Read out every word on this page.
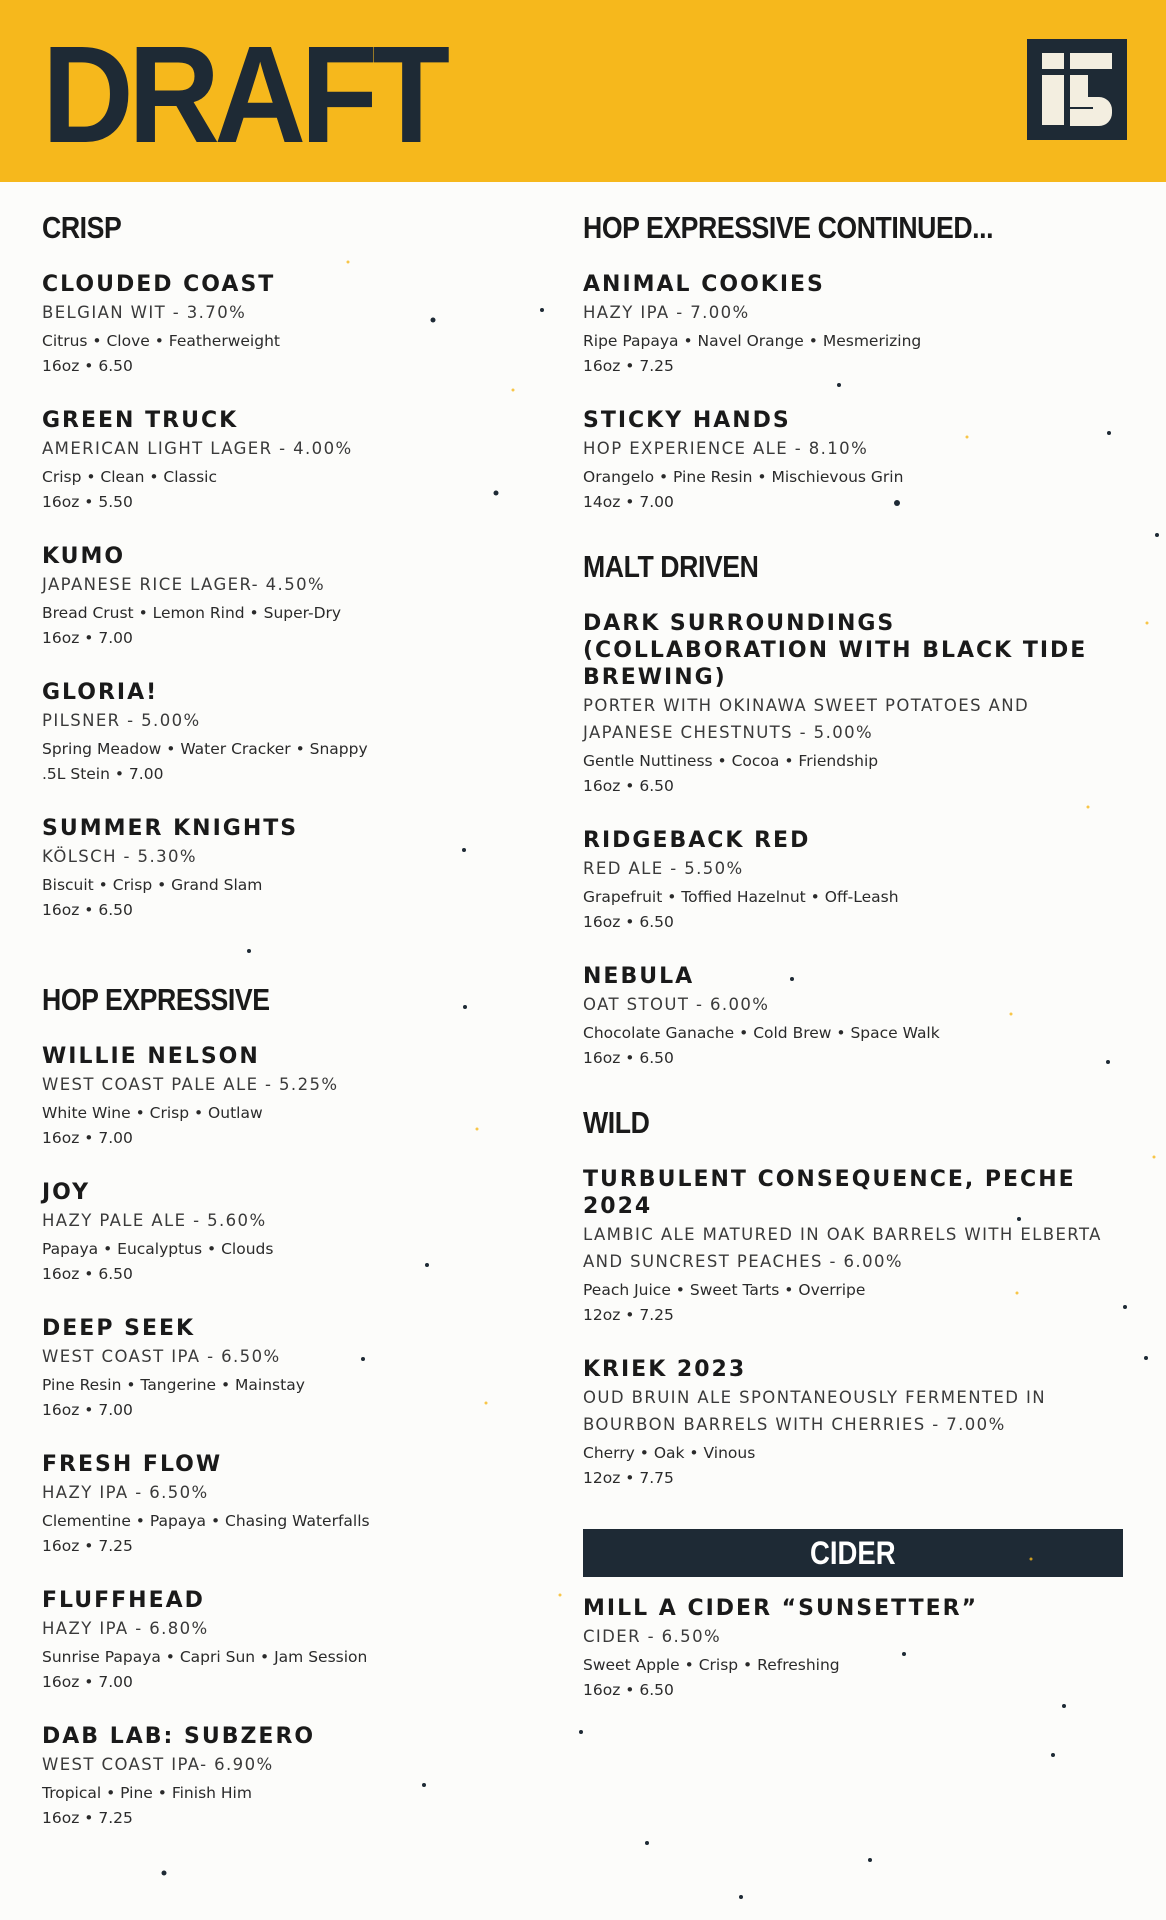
DRAFT
CRISP
CLOUDED COAST
BELGIAN WIT - 3.70%
Citrus • Clove • Featherweight
16oz • 6.50
GREEN TRUCK
AMERICAN LIGHT LAGER - 4.00%
Crisp • Clean • Classic
16oz • 5.50
KUMO
JAPANESE RICE LAGER- 4.50%
Bread Crust • Lemon Rind • Super-Dry
16oz • 7.00
GLORIA!
PILSNER - 5.00%
Spring Meadow • Water Cracker • Snappy
.5L Stein • 7.00
SUMMER KNIGHTS
KÖLSCH - 5.30%
Biscuit • Crisp • Grand Slam
16oz • 6.50
HOP EXPRESSIVE
WILLIE NELSON
WEST COAST PALE ALE - 5.25%
White Wine • Crisp • Outlaw
16oz • 7.00
JOY
HAZY PALE ALE - 5.60%
Papaya • Eucalyptus • Clouds
16oz • 6.50
DEEP SEEK
WEST COAST IPA - 6.50%
Pine Resin • Tangerine • Mainstay
16oz • 7.00
FRESH FLOW
HAZY IPA - 6.50%
Clementine • Papaya • Chasing Waterfalls
16oz • 7.25
FLUFFHEAD
HAZY IPA - 6.80%
Sunrise Papaya • Capri Sun • Jam Session
16oz • 7.00
DAB LAB: SUBZERO
WEST COAST IPA- 6.90%
Tropical • Pine • Finish Him
16oz • 7.25
HOP EXPRESSIVE CONTINUED...
ANIMAL COOKIES
HAZY IPA - 7.00%
Ripe Papaya • Navel Orange • Mesmerizing
16oz • 7.25
STICKY HANDS
HOP EXPERIENCE ALE - 8.10%
Orangelo • Pine Resin • Mischievous Grin
14oz • 7.00
MALT DRIVEN
DARK SURROUNDINGS (COLLABORATION WITH BLACK TIDE BREWING)
PORTER WITH OKINAWA SWEET POTATOES AND JAPANESE CHESTNUTS - 5.00%
Gentle Nuttiness • Cocoa • Friendship
16oz • 6.50
RIDGEBACK RED
RED ALE - 5.50%
Grapefruit • Toffied Hazelnut • Off-Leash
16oz • 6.50
NEBULA
OAT STOUT - 6.00%
Chocolate Ganache • Cold Brew • Space Walk
16oz • 6.50
WILD
TURBULENT CONSEQUENCE, PECHE 2024
LAMBIC ALE MATURED IN OAK BARRELS WITH ELBERTA AND SUNCREST PEACHES - 6.00%
Peach Juice • Sweet Tarts • Overripe
12oz • 7.25
KRIEK 2023
OUD BRUIN ALE SPONTANEOUSLY FERMENTED IN BOURBON BARRELS WITH CHERRIES - 7.00%
Cherry • Oak • Vinous
12oz • 7.75
CIDER
MILL A CIDER “SUNSETTER”
CIDER - 6.50%
Sweet Apple • Crisp • Refreshing
16oz • 6.50
